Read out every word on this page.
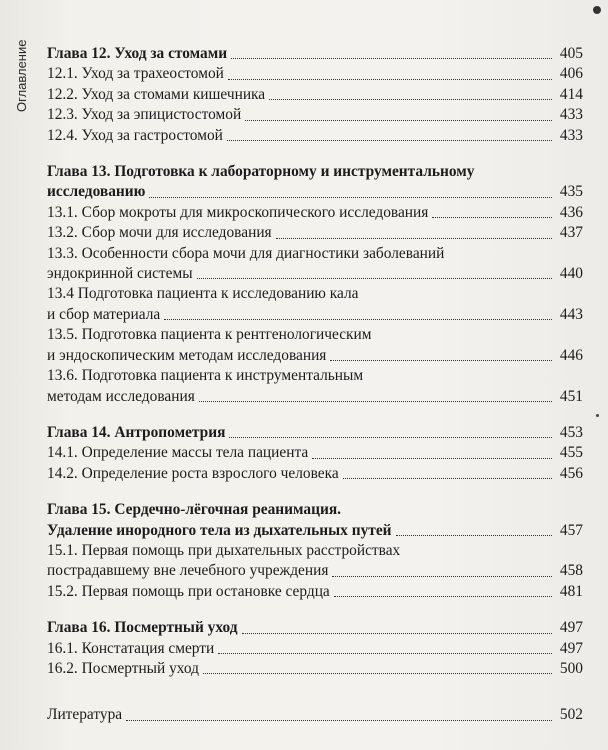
Оглавление Глава 12. Уход за стомами	405
12.1. Уход за трахеостомой	406
12.2. Уход за стомами кишечника	414
12.3. Уход за эпицистостомой	433
12.4. Уход за гастростомой	433
Глава 13. Подготовка к лабораторному и инструментальному
исследованию	435
13.1. Сбор мокроты для микроскопического исследования	436
13.2. Сбор мочи для исследования	437
13.3. Особенности сбора мочи для диагностики заболеваний
эндокринной системы	440
13.4 Подготовка пациента к исследованию кала
и сбор материала	443
13.5. Подготовка пациента к рентгенологическим
и эндоскопическим методам исследования	446
13.6. Подготовка пациента к инструментальным
методам исследования	451
Глава 14. Антропометрия	453
14.1. Определение массы тела пациента	455
14.2. Определение роста взрослого человека	456
Глава 15. Сердечно-лёгочная реанимация.
Удаление инородного тела из дыхательных путей	457
15.1. Первая помощь при дыхательных расстройствах
пострадавшему вне лечебного учреждения	458
15.2. Первая помощь при остановке сердца	481
Глава 16. Посмертный уход	497
16.1. Констатация смерти	497
16.2. Посмертный уход	500
Литература	502
